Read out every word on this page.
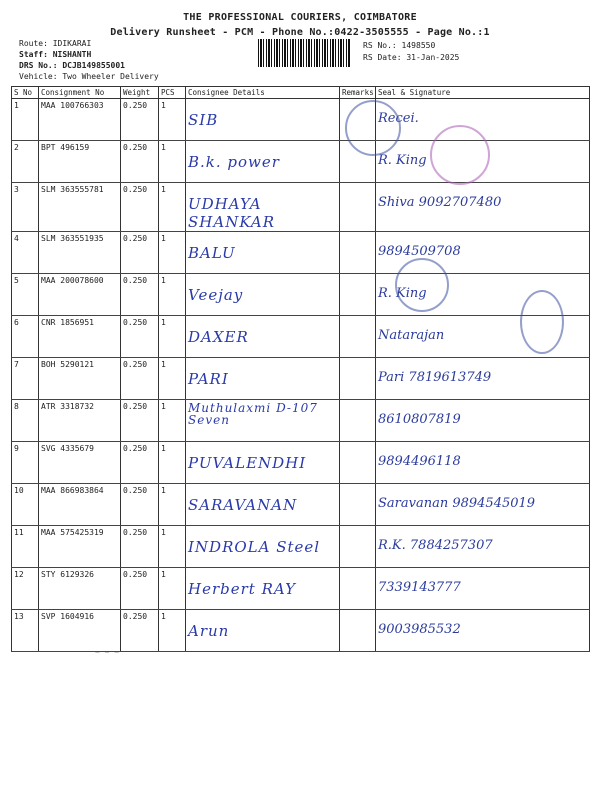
THE PROFESSIONAL COURIERS, COIMBATORE
Delivery Runsheet - PCM - Phone No.:0422-3505555 - Page No.:1
Route: IDIKARAI
Staff: NISHANTH
DRS No.: DCJB149855001
Vehicle: Two Wheeler Delivery
RS No.: 1498550
RS Date: 31-Jan-2025
S No	Consignment No	Weight	PCS	Consignee Details	Remarks	Seal & Signature
1	MAA 100766303	0.250	1	SIB		Recei.

2	BPT 496159	0.250	1	B.k. power		R. King

3	SLM 363555781	0.250	1	UDHAYA SHANKAR		Shiva 9092707480

4	SLM 363551935	0.250	1	BALU		9894509708

5	MAA 200078600	0.250	1	Veejay		R. King

6	CNR 1856951	0.250	1	DAXER		Natarajan

7	BOH 5290121	0.250	1	PARI		Pari 7819613749

8	ATR 3318732	0.250	1	Muthulaxmi D-107 Seven		8610807819

9	SVG 4335679	0.250	1	PUVALENDHI		9894496118

10	MAA 866983864	0.250	1	SARAVANAN		Saravanan 9894545019

11	MAA 575425319	0.250	1	INDROLA Steel		R.K. 7884257307

12	STY 6129326	0.250	1	Herbert RAY		7339143777

13	SVP 1604916	0.250	1	Arun		9003985532
~ ~ ~
